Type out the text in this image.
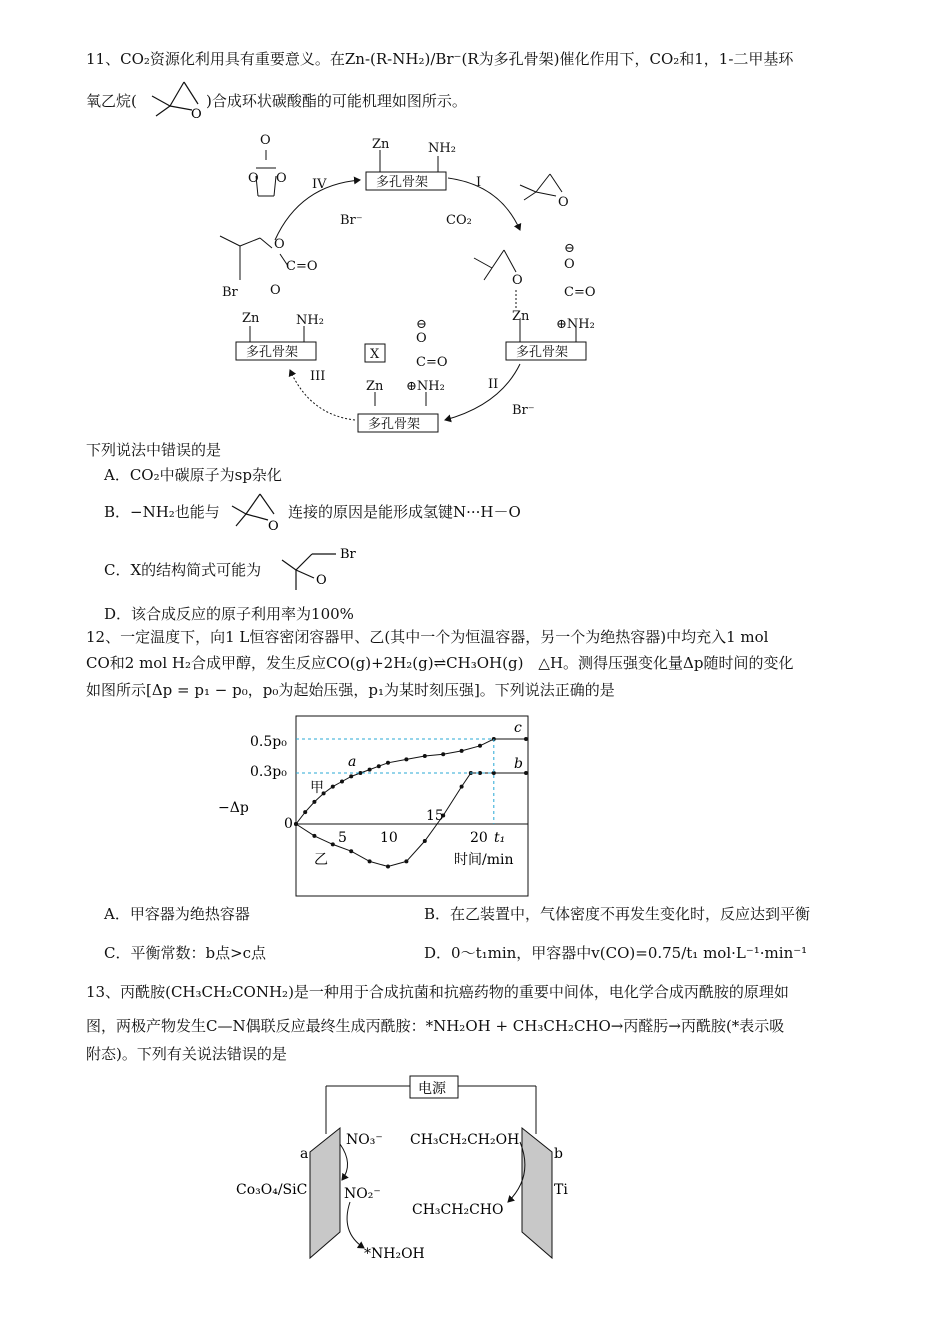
11、CO₂资源化利用具有重要意义。在Zn-(R-NH₂)/Br⁻(R为多孔骨架)催化作用下，CO₂和1，1-二甲基环
氧乙烷(
O
)合成环状碳酸酯的可能机理如图所示。
Zn	NH₂
多孔骨架
Zn
⊕NH₂
多孔骨架
Zn ⊕NH₂
多孔骨架
X
Zn	NH₂
多孔骨架
I
II
III
IV
CO₂
Br⁻
Br⁻
O
O
⊖
O
C=O
⊖
O
C=O
O
O O
Br
O
C=O
O
下列说法中错误的是
A．CO₂中碳原子为sp杂化
B．−NH₂也能与
O
连接的原因是能形成氢键N···H－O
C．X的结构简式可能为
Br
O
D．该合成反应的原子利用率为100%
12、一定温度下，向1 L恒容密闭容器甲、乙(其中一个为恒温容器，另一个为绝热容器)中均充入1 mol
CO和2 mol H₂合成甲醇，发生反应CO(g)+2H₂(g)⇌CH₃OH(g)　△H。测得压强变化量Δp随时间的变化
如图所示[Δp = p₁ − p₀，p₀为起始压强，p₁为某时刻压强]。下列说法正确的是
0.5p₀
0.3p₀
−Δp
0
5 10
15
20 t₁
时间/min
甲
乙
a	b
c
A．甲容器为绝热容器	B．在乙装置中，气体密度不再发生变化时，反应达到平衡
C．平衡常数：b点>c点	D．0～t₁min，甲容器中v(CO)=0.75/t₁ mol·L⁻¹·min⁻¹
13、丙酰胺(CH₃CH₂CONH₂)是一种用于合成抗菌和抗癌药物的重要中间体，电化学合成丙酰胺的原理如
图，两极产物发生C—N偶联反应最终生成丙酰胺：*NH₂OH + CH₃CH₂CHO→丙醛肟→丙酰胺(*表示吸
附态)。下列有关说法错误的是
电源
a	b
Co₃O₄/SiC	Ti
NO₃⁻
NO₂⁻
*NH₂OH
CH₃CH₂CH₂OH
CH₃CH₂CHO
